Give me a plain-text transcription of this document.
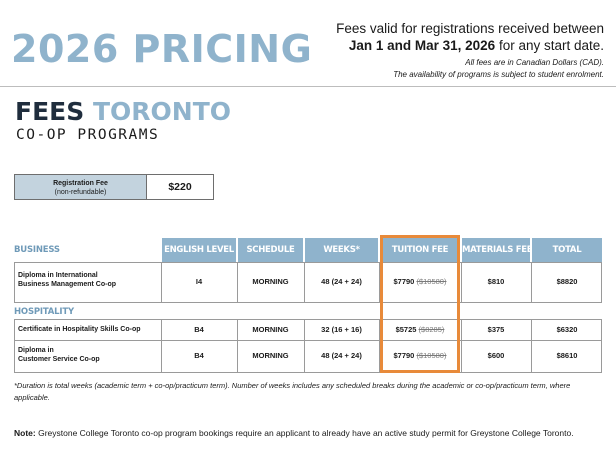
2026 PRICING Fees valid for registrations received between
Jan 1 and Mar 31, 2026 for any start date.
All fees are in Canadian Dollars (CAD).
The availability of programs is subject to student enrolment.
FEES TORONTO
CO-OP PROGRAMS
Registration Fee
(non-refundable)	$220
BUSINESS	ENGLISH LEVEL	SCHEDULE	WEEKS*	TUITION FEE	MATERIALS FEE	TOTAL
Diploma in International
Business Management Co-op	I4	MORNING	48 (24 + 24)	$7790 ($10580)	$810	$8820
HOSPITALITY
Certificate in Hospitality Skills Co-op	B4	MORNING	32 (16 + 16)	$5725 ($8285)	$375	$6320
Diploma in
Customer Service Co-op	B4	MORNING	48 (24 + 24)	$7790 ($10580)	$600	$8610
*Duration is total weeks (academic term + co-op/practicum term). Number of weeks includes any scheduled breaks during the academic or co-op/practicum term, where applicable.
Note: Greystone College Toronto co-op program bookings require an applicant to already have an active study permit for Greystone College Toronto.
